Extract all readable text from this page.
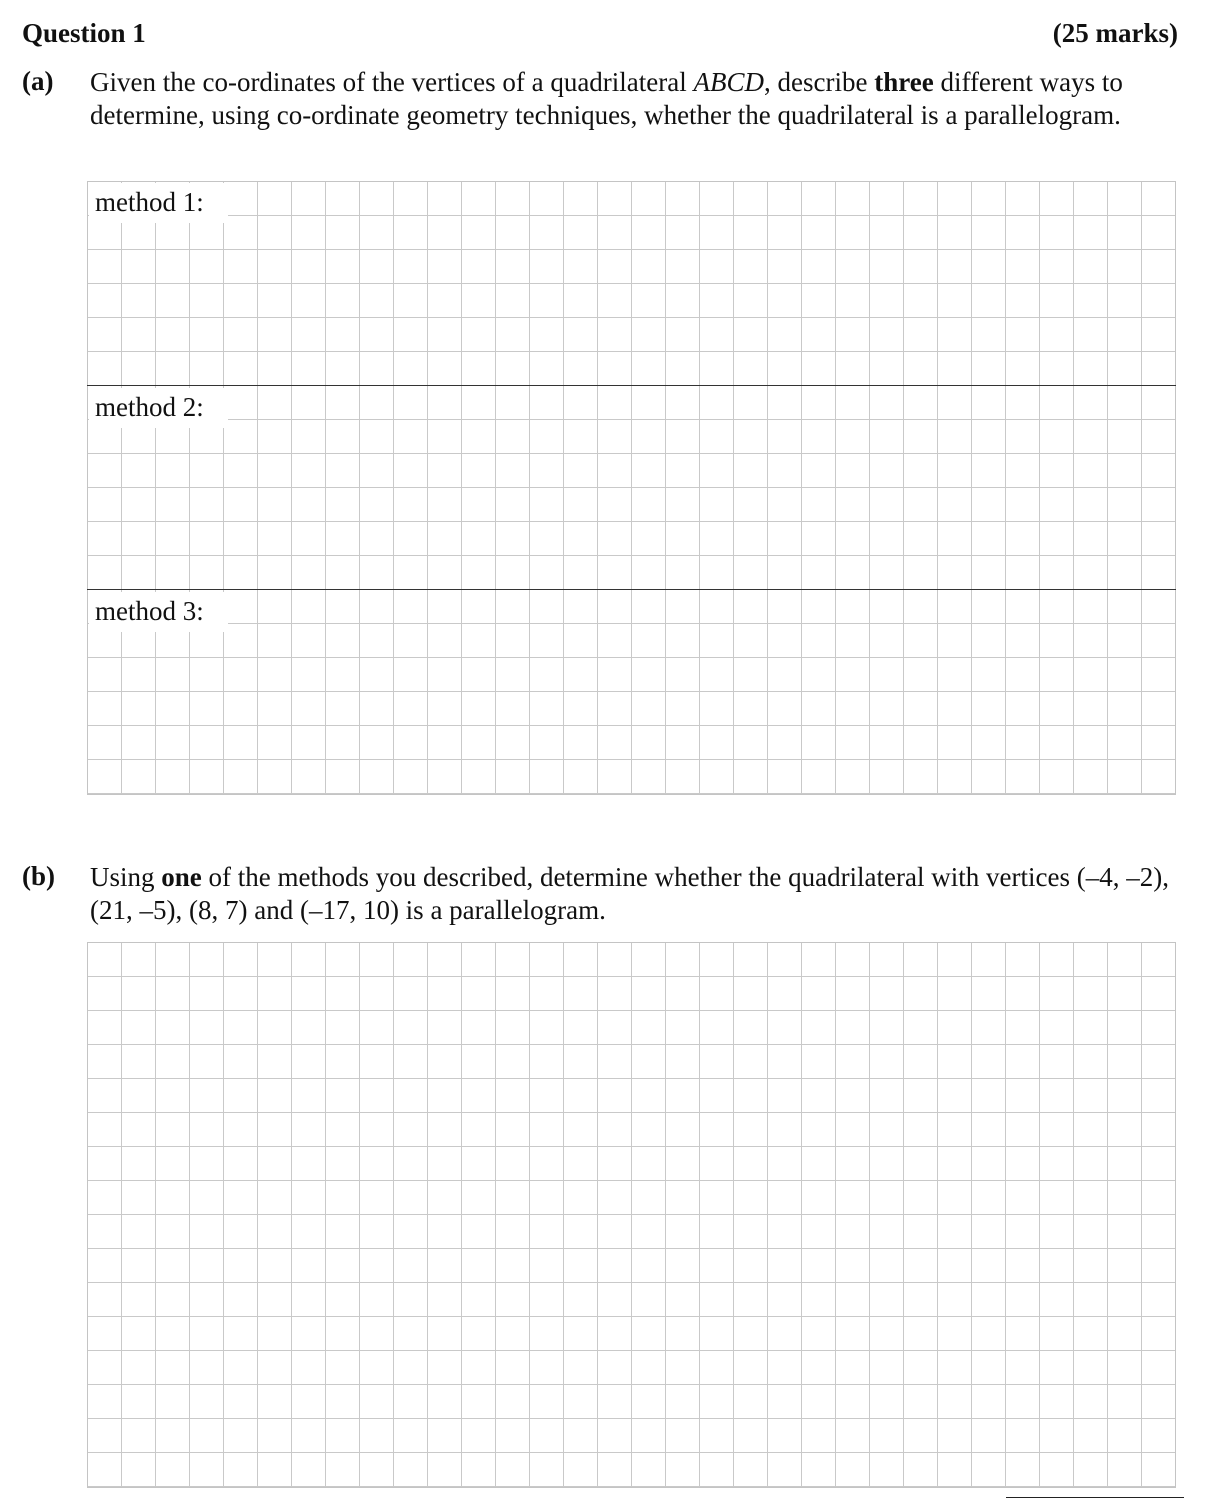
Question 1	(25 marks)
(a) Given the co-ordinates of the vertices of a quadrilateral ABCD, describe three different ways to determine, using co-ordinate geometry techniques, whether the quadrilateral is a parallelogram.
method 1:
method 2:
method 3:
(b) Using one of the methods you described, determine whether the quadrilateral with vertices (–4, –2), (21, –5), (8, 7) and (–17, 10) is a parallelogram.
